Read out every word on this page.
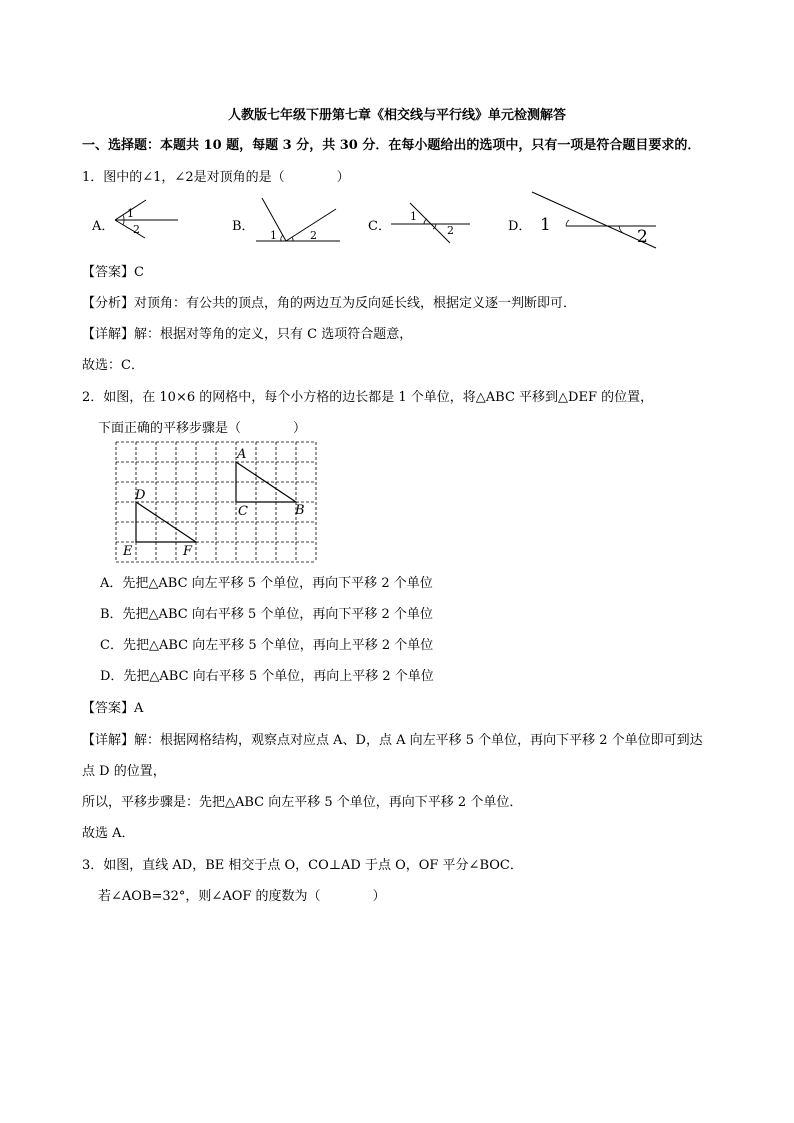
人教版七年级下册第七章《相交线与平行线》单元检测解答
一、选择题：本题共 10 题，每题 3 分，共 30 分．在每小题给出的选项中，只有一项是符合题目要求的．
1．图中的∠1，∠2是对顶角的是（　　　　）
A．
1
2	B．
1	2
C．
1
2	D． 1
2
【答案】C
【分析】对顶角：有公共的顶点，角的两边互为反向延长线，根据定义逐一判断即可．
【详解】解：根据对等角的定义，只有 C 选项符合题意，
故选：C．
2．如图，在 10×6 的网格中，每个小方格的边长都是 1 个单位，将△ABC 平移到△DEF 的位置，
下面正确的平移步骤是（　　　　）
A
C	B
D
E	F
A．先把△ABC 向左平移 5 个单位，再向下平移 2 个单位
B．先把△ABC 向右平移 5 个单位，再向下平移 2 个单位
C．先把△ABC 向左平移 5 个单位，再向上平移 2 个单位
D．先把△ABC 向右平移 5 个单位，再向上平移 2 个单位
【答案】A
【详解】解：根据网格结构，观察点对应点 A、D，点 A 向左平移 5 个单位，再向下平移 2 个单位即可到达
点 D 的位置，
所以，平移步骤是：先把△ABC 向左平移 5 个单位，再向下平移 2 个单位．
故选 A．
3．如图，直线 AD，BE 相交于点 O，CO⊥AD 于点 O，OF 平分∠BOC．
若∠AOB=32°，则∠AOF 的度数为（　　　　）
